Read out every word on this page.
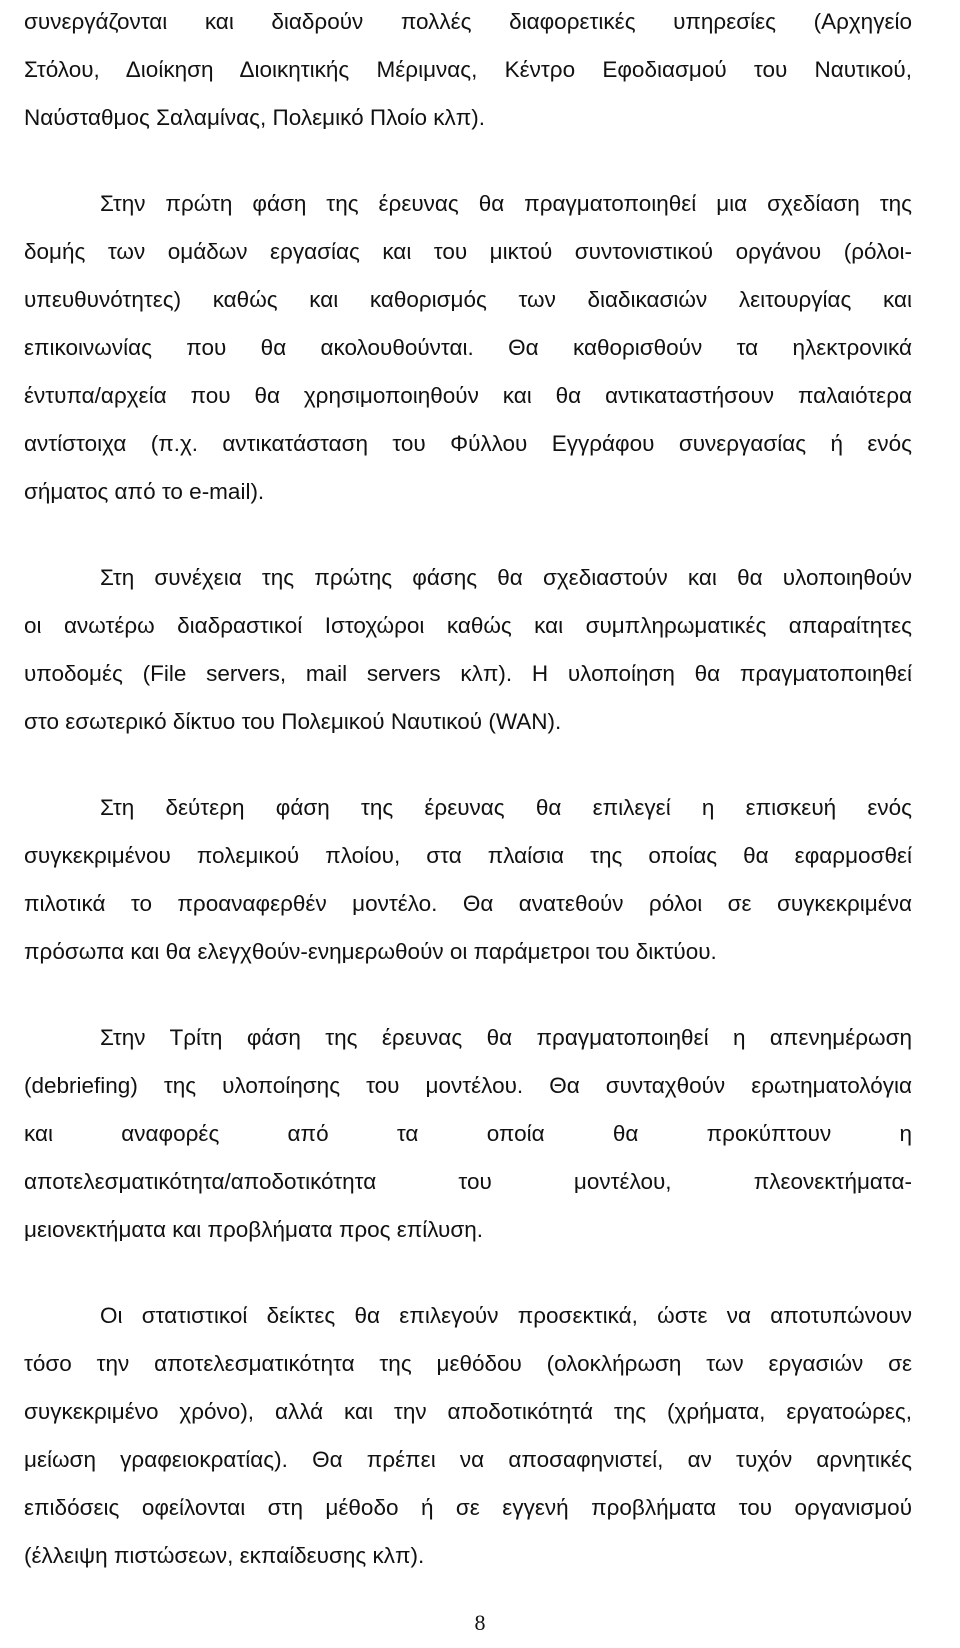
συνεργάζονται και διαδρούν πολλές διαφορετικές υπηρεσίες (Αρχηγείο
Στόλου, Διοίκηση Διοικητικής Μέριμνας, Κέντρο Εφοδιασμού του Ναυτικού,
Ναύσταθμος Σαλαμίνας, Πολεμικό Πλοίο κλπ).
Στην πρώτη φάση της έρευνας θα πραγματοποιηθεί μια σχεδίαση της
δομής των ομάδων εργασίας και του μικτού συντονιστικού οργάνου (ρόλοι-
υπευθυνότητες) καθώς και καθορισμός των διαδικασιών λειτουργίας και
επικοινωνίας που θα ακολουθούνται. Θα καθορισθούν τα ηλεκτρονικά
έντυπα/αρχεία που θα χρησιμοποιηθούν και θα αντικαταστήσουν παλαιότερα
αντίστοιχα (π.χ. αντικατάσταση του Φύλλου Εγγράφου συνεργασίας ή ενός
σήματος από το e-mail).
Στη συνέχεια της πρώτης φάσης θα σχεδιαστούν και θα υλοποιηθούν
οι ανωτέρω διαδραστικοί Ιστοχώροι καθώς και συμπληρωματικές απαραίτητες
υποδομές (File servers, mail servers κλπ). Η υλοποίηση θα πραγματοποιηθεί
στο εσωτερικό δίκτυο του Πολεμικού Ναυτικού (WAN).
Στη δεύτερη φάση της έρευνας θα επιλεγεί η επισκευή ενός
συγκεκριμένου πολεμικού πλοίου, στα πλαίσια της οποίας θα εφαρμοσθεί
πιλοτικά το προαναφερθέν μοντέλο. Θα ανατεθούν ρόλοι σε συγκεκριμένα
πρόσωπα και θα ελεγχθούν-ενημερωθούν οι παράμετροι του δικτύου.
Στην Τρίτη φάση της έρευνας θα πραγματοποιηθεί η απενημέρωση
(debriefing) της υλοποίησης του μοντέλου. Θα συνταχθούν ερωτηματολόγια
και αναφορές από τα οποία θα προκύπτουν η
αποτελεσματικότητα/αποδοτικότητα του μοντέλου, πλεονεκτήματα-
μειονεκτήματα και προβλήματα προς επίλυση.
Οι στατιστικοί δείκτες θα επιλεγούν προσεκτικά, ώστε να αποτυπώνουν
τόσο την αποτελεσματικότητα της μεθόδου (ολοκλήρωση των εργασιών σε
συγκεκριμένο χρόνο), αλλά και την αποδοτικότητά της (χρήματα, εργατοώρες,
μείωση γραφειοκρατίας). Θα πρέπει να αποσαφηνιστεί, αν τυχόν αρνητικές
επιδόσεις οφείλονται στη μέθοδο ή σε εγγενή προβλήματα του οργανισμού
(έλλειψη πιστώσεων, εκπαίδευσης κλπ).
8
